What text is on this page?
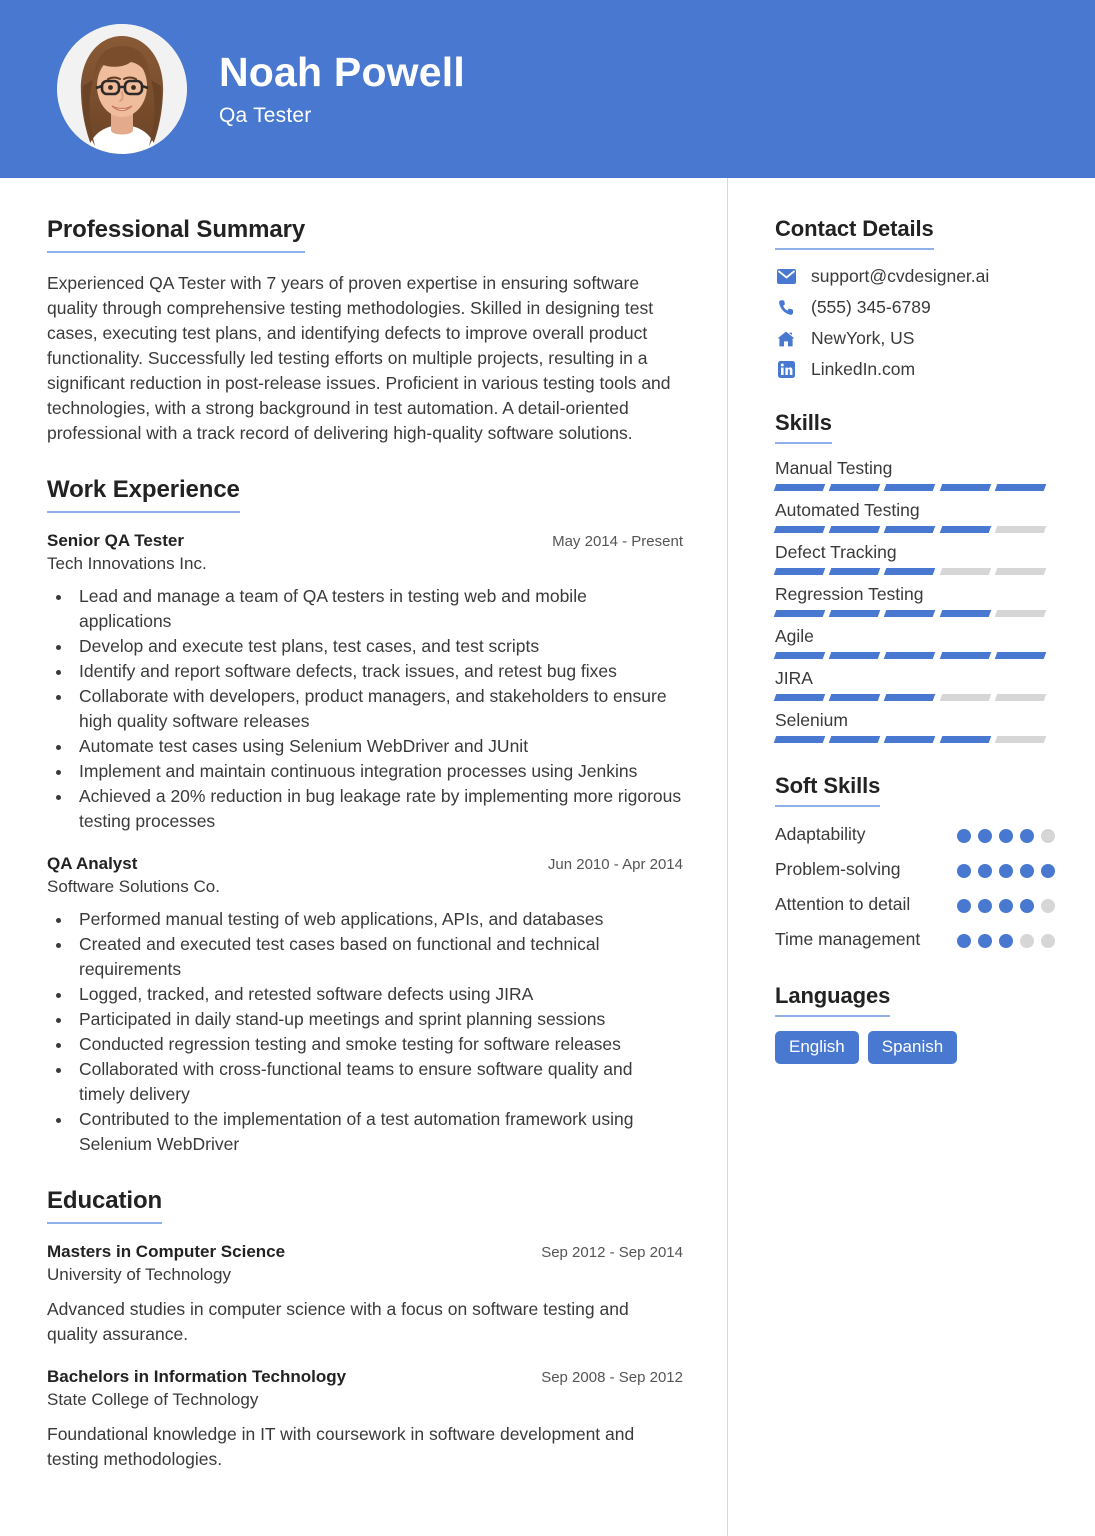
Noah Powell
Qa Tester
Professional Summary
Experienced QA Tester with 7 years of proven expertise in ensuring software quality through comprehensive testing methodologies. Skilled in designing test cases, executing test plans, and identifying defects to improve overall product functionality. Successfully led testing efforts on multiple projects, resulting in a significant reduction in post-release issues. Proficient in various testing tools and technologies, with a strong background in test automation. A detail-oriented professional with a track record of delivering high-quality software solutions.
Work Experience
Senior QA Tester	May 2014 - Present
Tech Innovations Inc.
• Lead and manage a team of QA testers in testing web and mobile applications
• Develop and execute test plans, test cases, and test scripts
• Identify and report software defects, track issues, and retest bug fixes
• Collaborate with developers, product managers, and stakeholders to ensure high quality software releases
• Automate test cases using Selenium WebDriver and JUnit
• Implement and maintain continuous integration processes using Jenkins
• Achieved a 20% reduction in bug leakage rate by implementing more rigorous testing processes
QA Analyst	Jun 2010 - Apr 2014
Software Solutions Co.
• Performed manual testing of web applications, APIs, and databases
• Created and executed test cases based on functional and technical requirements
• Logged, tracked, and retested software defects using JIRA
• Participated in daily stand-up meetings and sprint planning sessions
• Conducted regression testing and smoke testing for software releases
• Collaborated with cross-functional teams to ensure software quality and timely delivery
• Contributed to the implementation of a test automation framework using Selenium WebDriver
Education
Masters in Computer Science	Sep 2012 - Sep 2014
University of Technology
Advanced studies in computer science with a focus on software testing and quality assurance.
Bachelors in Information Technology	Sep 2008 - Sep 2012
State College of Technology
Foundational knowledge in IT with coursework in software development and testing methodologies.
Contact Details
support@cvdesigner.ai
(555) 345-6789
NewYork, US
LinkedIn.com
Skills
Manual Testing
Automated Testing
Defect Tracking
Regression Testing
Agile
JIRA
Selenium
Soft Skills
Adaptability
Problem-solving
Attention to detail
Time management
Languages
English	Spanish
